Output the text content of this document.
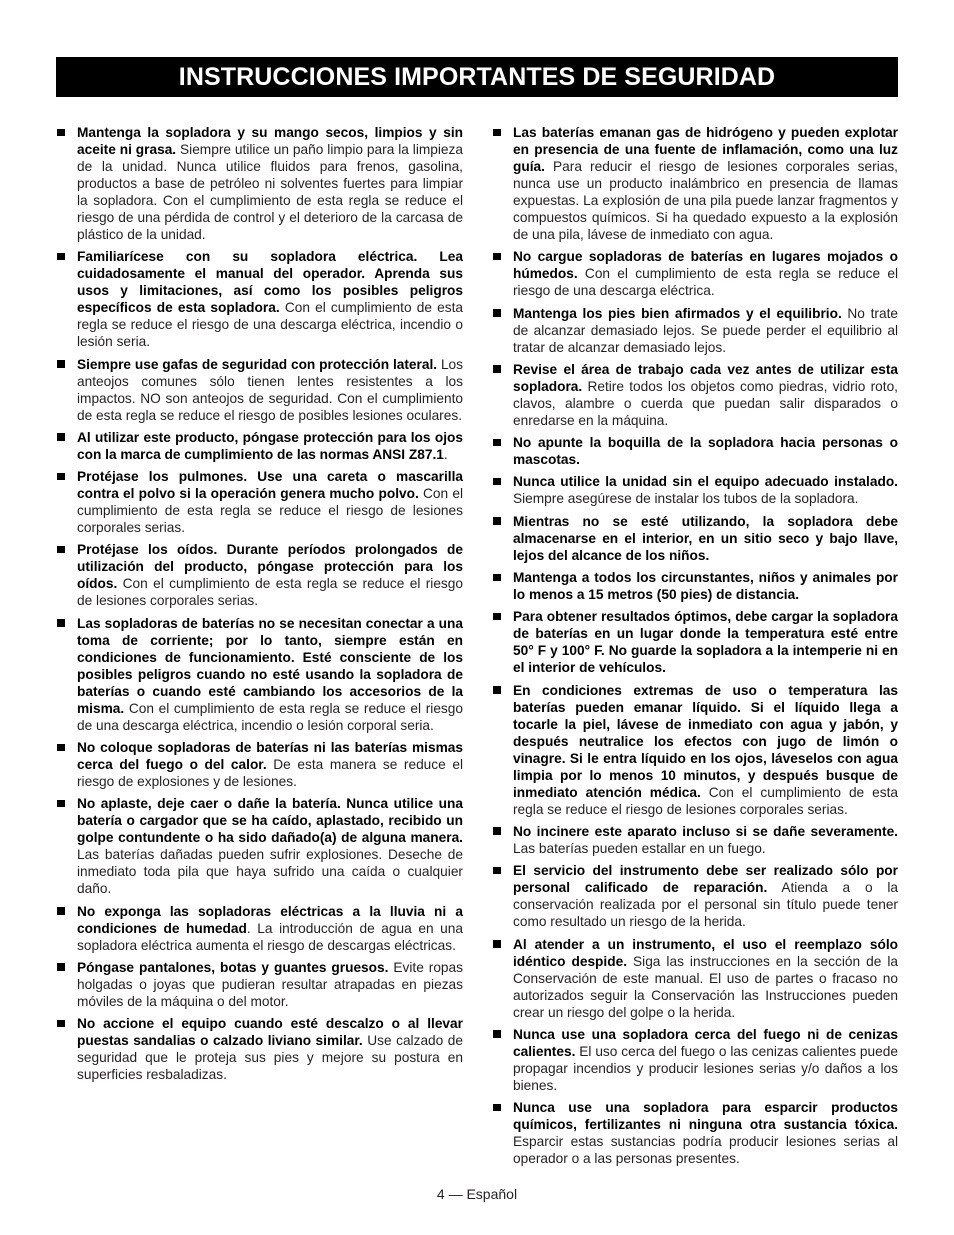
INSTRUCCIONES IMPORTANTES DE SEGURIDAD

Mantenga la sopladora y su mango secos, limpios y sin aceite ni grasa. Siempre utilice un paño limpio para la limpieza de la unidad. Nunca utilice fluidos para frenos, gasolina, productos a base de petróleo ni solventes fuertes para limpiar la sopladora. Con el cumplimiento de esta regla se reduce el riesgo de una pérdida de control y el deterioro de la carcasa de plástico de la unidad.

Familiarícese con su sopladora eléctrica. Lea cuidadosamente el manual del operador. Aprenda sus usos y limitaciones, así como los posibles peligros específicos de esta sopladora. Con el cumplimiento de esta regla se reduce el riesgo de una descarga eléctrica, incendio o lesión seria.

Siempre use gafas de seguridad con protección lateral. Los anteojos comunes sólo tienen lentes resistentes a los impactos. NO son anteojos de seguridad. Con el cumplimiento de esta regla se reduce el riesgo de posibles lesiones oculares.

Al utilizar este producto, póngase protección para los ojos con la marca de cumplimiento de las normas ANSI Z87.1.

Protéjase los pulmones. Use una careta o mascarilla contra el polvo si la operación genera mucho polvo. Con el cumplimiento de esta regla se reduce el riesgo de lesiones corporales serias.

Protéjase los oídos. Durante períodos prolongados de utilización del producto, póngase protección para los oídos. Con el cumplimiento de esta regla se reduce el riesgo de lesiones corporales serias.

Las sopladoras de baterías no se necesitan conectar a una toma de corriente; por lo tanto, siempre están en condiciones de funcionamiento. Esté consciente de los posibles peligros cuando no esté usando la sopladora de baterías o cuando esté cambiando los accesorios de la misma. Con el cumplimiento de esta regla se reduce el riesgo de una descarga eléctrica, incendio o lesión corporal seria.

No coloque sopladoras de baterías ni las baterías mismas cerca del fuego o del calor. De esta manera se reduce el riesgo de explosiones y de lesiones.

No aplaste, deje caer o dañe la batería. Nunca utilice una batería o cargador que se ha caído, aplastado, recibido un golpe contundente o ha sido dañado(a) de alguna manera. Las baterías dañadas pueden sufrir explosiones. Deseche de inmediato toda pila que haya sufrido una caída o cualquier daño.

No exponga las sopladoras eléctricas a la lluvia ni a condiciones de humedad. La introducción de agua en una sopladora eléctrica aumenta el riesgo de descargas eléctricas.

Póngase pantalones, botas y guantes gruesos. Evite ropas holgadas o joyas que pudieran resultar atrapadas en piezas móviles de la máquina o del motor.

No accione el equipo cuando esté descalzo o al llevar puestas sandalias o calzado liviano similar. Use calzado de seguridad que le proteja sus pies y mejore su postura en superficies resbaladizas.

Las baterías emanan gas de hidrógeno y pueden explotar en presencia de una fuente de inflamación, como una luz guía. Para reducir el riesgo de lesiones corporales serias, nunca use un producto inalámbrico en presencia de llamas expuestas. La explosión de una pila puede lanzar fragmentos y compuestos químicos. Si ha quedado expuesto a la explosión de una pila, lávese de inmediato con agua.

No cargue sopladoras de baterías en lugares mojados o húmedos. Con el cumplimiento de esta regla se reduce el riesgo de una descarga eléctrica.

Mantenga los pies bien afirmados y el equilibrio. No trate de alcanzar demasiado lejos. Se puede perder el equilibrio al tratar de alcanzar demasiado lejos.

Revise el área de trabajo cada vez antes de utilizar esta sopladora. Retire todos los objetos como piedras, vidrio roto, clavos, alambre o cuerda que puedan salir disparados o enredarse en la máquina.

No apunte la boquilla de la sopladora hacia personas o mascotas.

Nunca utilice la unidad sin el equipo adecuado instalado. Siempre asegúrese de instalar los tubos de la sopladora.

Mientras no se esté utilizando, la sopladora debe almacenarse en el interior, en un sitio seco y bajo llave, lejos del alcance de los niños.

Mantenga a todos los circunstantes, niños y animales por lo menos a 15 metros (50 pies) de distancia.

Para obtener resultados óptimos, debe cargar la sopladora de baterías en un lugar donde la temperatura esté entre 50° F y 100° F. No guarde la sopladora a la intemperie ni en el interior de vehículos.

En condiciones extremas de uso o temperatura las baterías pueden emanar líquido. Si el líquido llega a tocarle la piel, lávese de inmediato con agua y jabón, y después neutralice los efectos con jugo de limón o vinagre. Si le entra líquido en los ojos, láveselos con agua limpia por lo menos 10 minutos, y después busque de inmediato atención médica. Con el cumplimiento de esta regla se reduce el riesgo de lesiones corporales serias.

No incinere este aparato incluso si se dañe severamente. Las baterías pueden estallar en un fuego.

El servicio del instrumento debe ser realizado sólo por personal calificado de reparación. Atienda a o la conservación realizada por el personal sin título puede tener como resultado un riesgo de la herida.

Al atender a un instrumento, el uso el reemplazo sólo idéntico despide. Siga las instrucciones en la sección de la Conservación de este manual. El uso de partes o fracaso no autorizados seguir la Conservación las Instrucciones pueden crear un riesgo del golpe o la herida.

Nunca use una sopladora cerca del fuego ni de cenizas calientes. El uso cerca del fuego o las cenizas calientes puede propagar incendios y producir lesiones serias y/o daños a los bienes.

Nunca use una sopladora para esparcir productos químicos, fertilizantes ni ninguna otra sustancia tóxica. Esparcir estas sustancias podría producir lesiones serias al operador o a las personas presentes.

4 — Español
